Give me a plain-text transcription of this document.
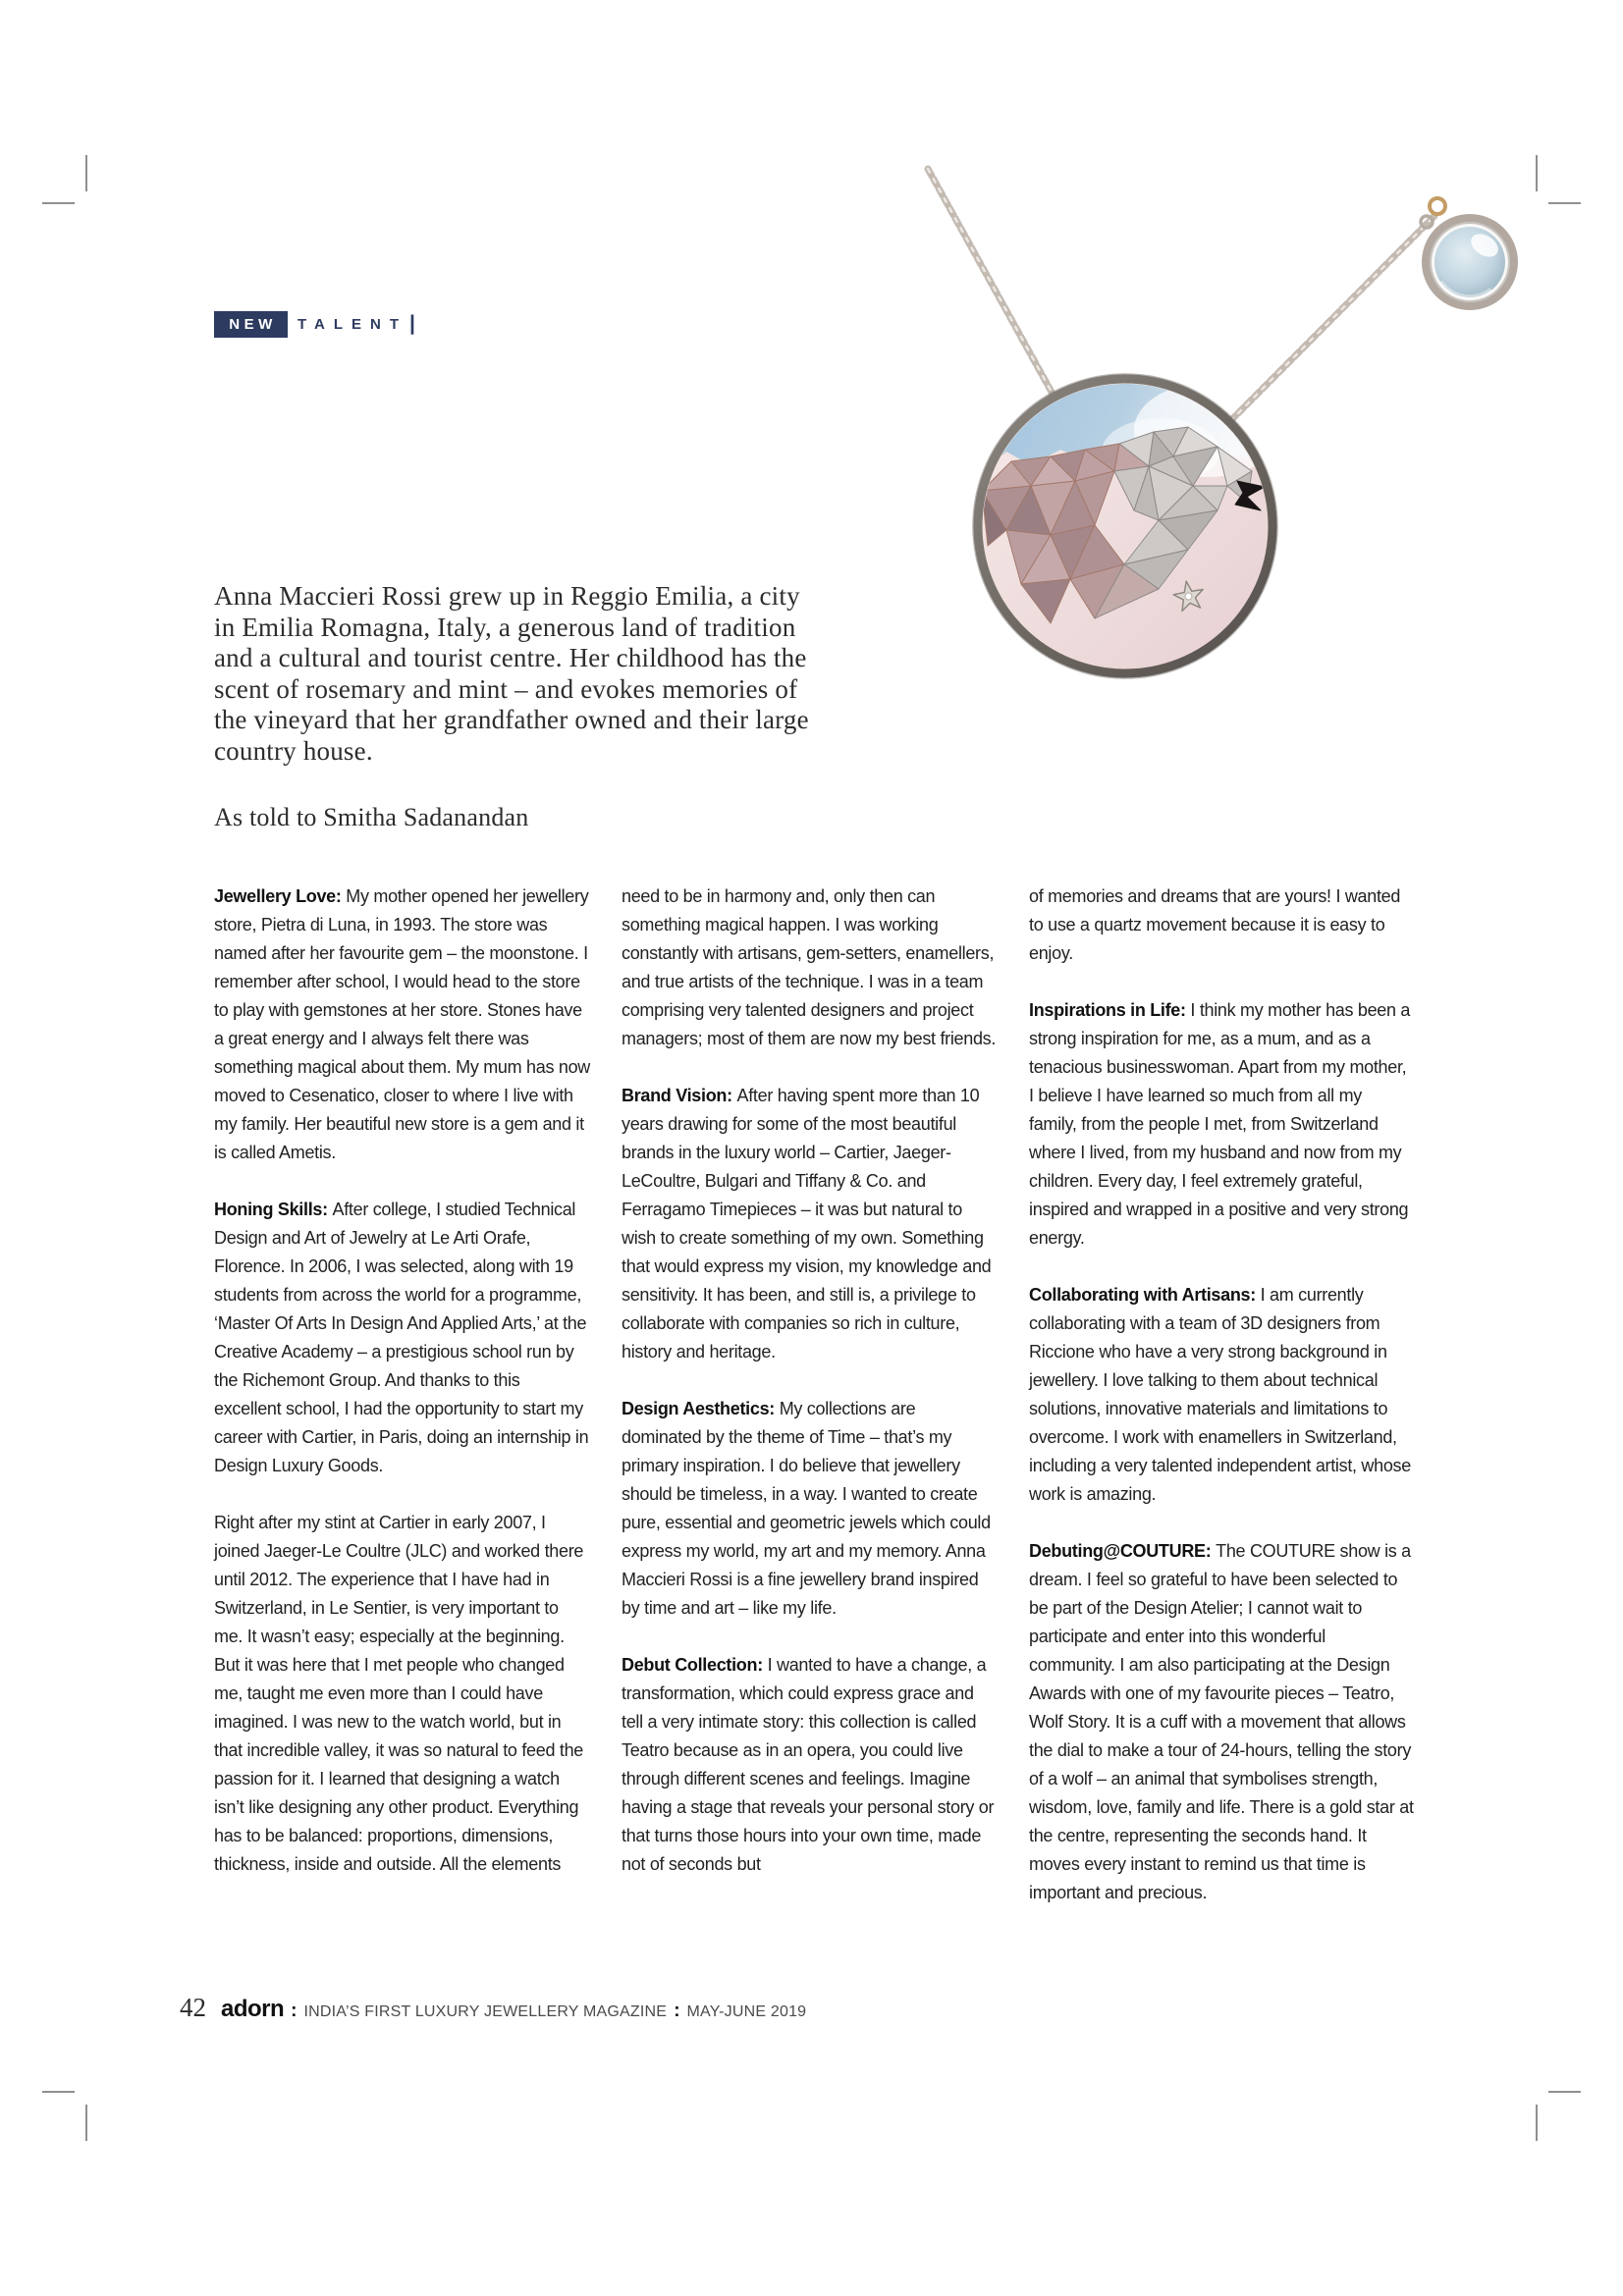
NEW	TALENT |
Anna Maccieri Rossi grew up in Reggio Emilia, a city
in Emilia Romagna, Italy, a generous land of tradition
and a cultural and tourist centre. Her childhood has the
scent of rosemary and mint – and evokes memories of
the vineyard that her grandfather owned and their large
country house.
As told to Smitha Sadanandan

Jewellery Love: My mother opened her jewellery store, Pietra di Luna, in 1993. The store was named after her favourite gem – the moonstone. I remember after school, I would head to the store to play with gemstones at her store. Stones have a great energy and I always felt there was something magical about them. My mum has now moved to Cesenatico, closer to where I live with my family. Her beautiful new store is a gem and it is called Ametis.

Honing Skills: After college, I studied Technical Design and Art of Jewelry at Le Arti Orafe, Florence. In 2006, I was selected, along with 19 students from across the world for a programme, ‘Master Of Arts In Design And Applied Arts,’ at the Creative Academy – a prestigious school run by the Richemont Group. And thanks to this excellent school, I had the opportunity to start my career with Cartier, in Paris, doing an internship in Design Luxury Goods.

Right after my stint at Cartier in early 2007, I joined Jaeger-Le Coultre (JLC) and worked there until 2012. The experience that I have had in Switzerland, in Le Sentier, is very important to me. It wasn’t easy; especially at the beginning. But it was here that I met people who changed me, taught me even more than I could have imagined. I was new to the watch world, but in that incredible valley, it was so natural to feed the passion for it. I learned that designing a watch isn’t like designing any other product. Everything has to be balanced: proportions, dimensions, thickness, inside and outside. All the elements

need to be in harmony and, only then can something magical happen. I was working constantly with artisans, gem-setters, enamellers, and true artists of the technique. I was in a team comprising very talented designers and project managers; most of them are now my best friends.

Brand Vision: After having spent more than 10 years drawing for some of the most beautiful brands in the luxury world – Cartier, Jaeger-LeCoultre, Bulgari and Tiffany & Co. and Ferragamo Timepieces – it was but natural to wish to create something of my own. Something that would express my vision, my knowledge and sensitivity. It has been, and still is, a privilege to collaborate with companies so rich in culture, history and heritage.

Design Aesthetics: My collections are dominated by the theme of Time – that’s my primary inspiration. I do believe that jewellery should be timeless, in a way. I wanted to create pure, essential and geometric jewels which could express my world, my art and my memory. Anna Maccieri Rossi is a fine jewellery brand inspired by time and art – like my life.

Debut Collection: I wanted to have a change, a transformation, which could express grace and tell a very intimate story: this collection is called Teatro because as in an opera, you could live through different scenes and feelings. Imagine having a stage that reveals your personal story or that turns those hours into your own time, made not of seconds but

of memories and dreams that are yours! I wanted to use a quartz movement because it is easy to enjoy.

Inspirations in Life: I think my mother has been a strong inspiration for me, as a mum, and as a tenacious businesswoman. Apart from my mother, I believe I have learned so much from all my family, from the people I met, from Switzerland where I lived, from my husband and now from my children. Every day, I feel extremely grateful, inspired and wrapped in a positive and very strong energy.

Collaborating with Artisans: I am currently collaborating with a team of 3D designers from Riccione who have a very strong background in jewellery. I love talking to them about technical solutions, innovative materials and limitations to overcome. I work with enamellers in Switzerland, including a very talented independent artist, whose work is amazing.

Debuting@COUTURE: The COUTURE show is a dream. I feel so grateful to have been selected to be part of the Design Atelier; I cannot wait to participate and enter into this wonderful community. I am also participating at the Design Awards with one of my favourite pieces – Teatro, Wolf Story. It is a cuff with a movement that allows the dial to make a tour of 24-hours, telling the story of a wolf – an animal that symbolises strength, wisdom, love, family and life. There is a gold star at the centre, representing the seconds hand. It moves every instant to remind us that time is important and precious.

42 adorn : INDIA’S FIRST LUXURY JEWELLERY MAGAZINE : MAY-JUNE 2019
